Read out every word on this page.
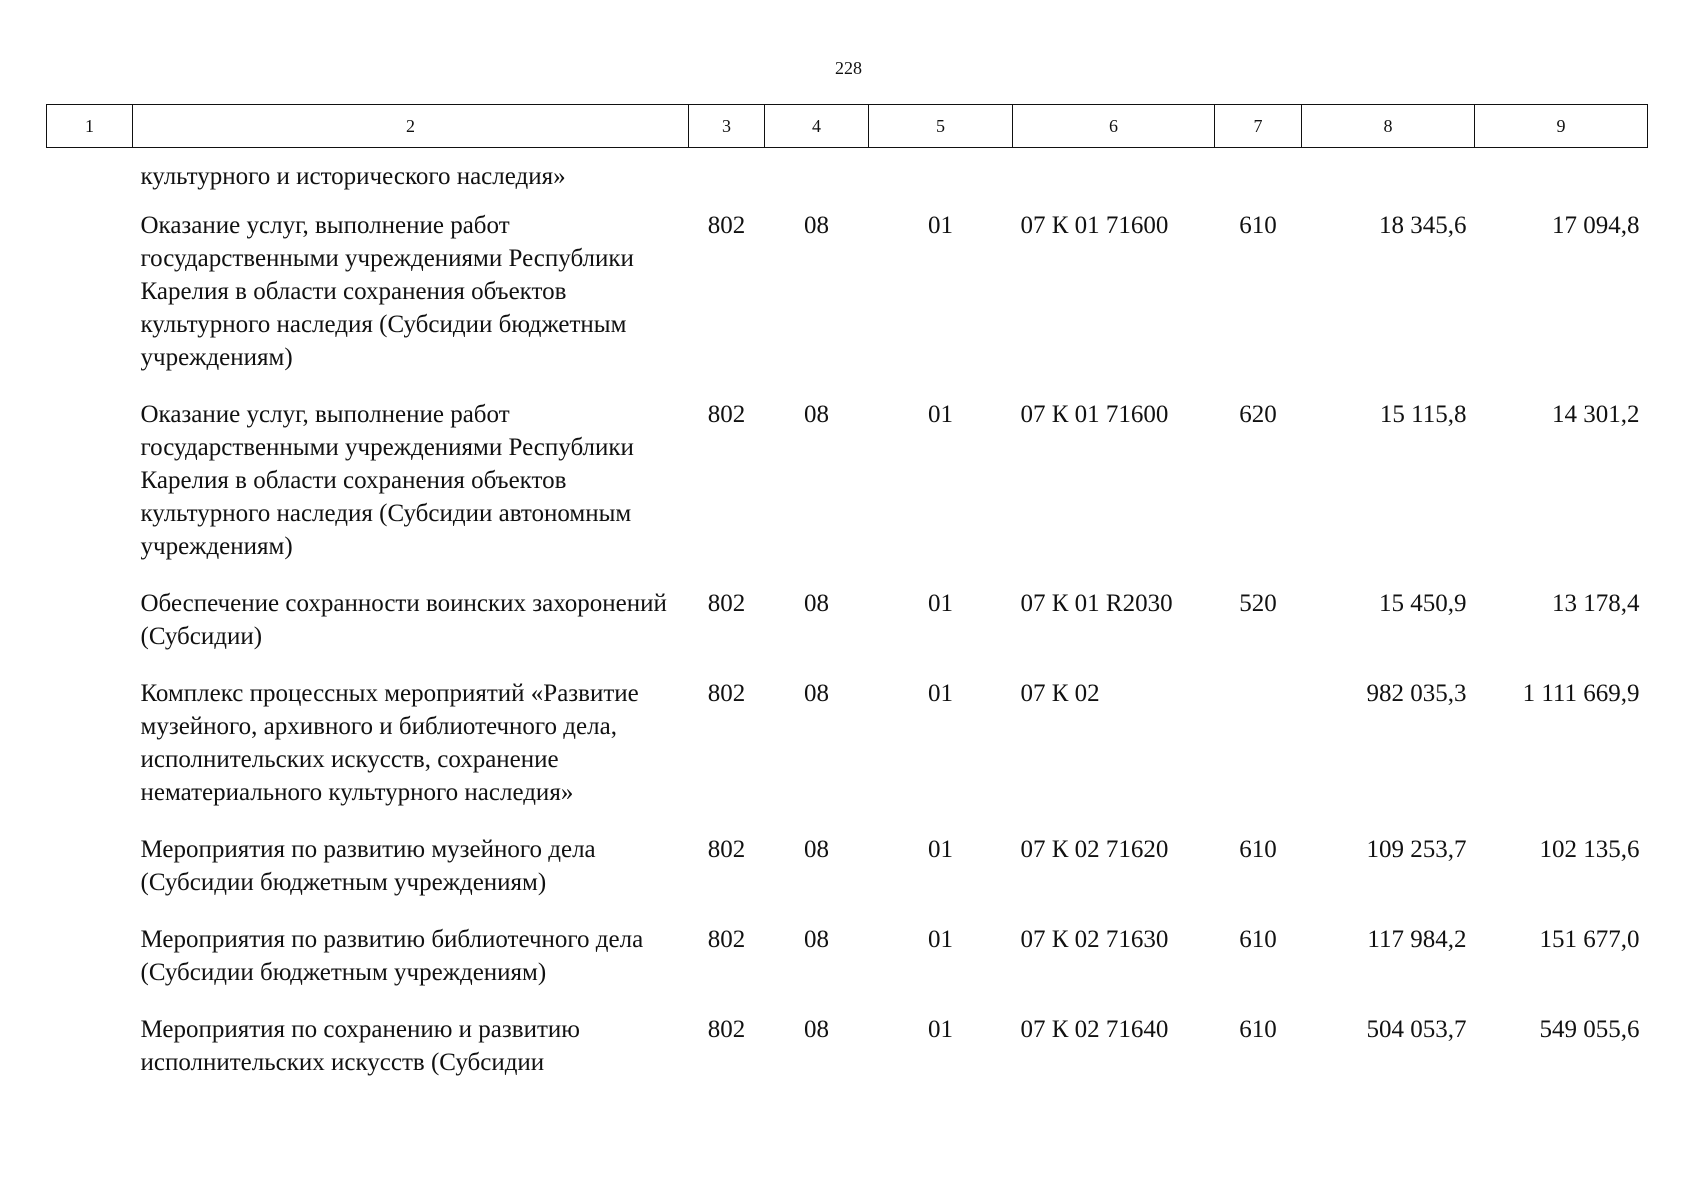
228
1	2	3	4	5	6	7	8	9
	культурного и исторического наследия»							
	Оказание услуг, выполнение работ государственными учреждениями Республики Карелия в области сохранения объектов культурного наследия (Субсидии бюджетным учреждениям)	802	08	01	07 К 01 71600	610	18 345,6	17 094,8
	Оказание услуг, выполнение работ государственными учреждениями Республики Карелия в области сохранения объектов культурного наследия (Субсидии автономным учреждениям)	802	08	01	07 К 01 71600	620	15 115,8	14 301,2
	Обеспечение сохранности воинских захоронений (Субсидии)	802	08	01	07 К 01 R2030	520	15 450,9	13 178,4
	Комплекс процессных мероприятий «Развитие музейного, архивного и библиотечного дела, исполнительских искусств, сохранение нематериального культурного наследия»	802	08	01	07 К 02		982 035,3	1 111 669,9
	Мероприятия по развитию музейного дела (Субсидии бюджетным учреждениям)	802	08	01	07 К 02 71620	610	109 253,7	102 135,6
	Мероприятия по развитию библиотечного дела (Субсидии бюджетным учреждениям)	802	08	01	07 К 02 71630	610	117 984,2	151 677,0
	Мероприятия по сохранению и развитию исполнительских искусств (Субсидии	802	08	01	07 К 02 71640	610	504 053,7	549 055,6
